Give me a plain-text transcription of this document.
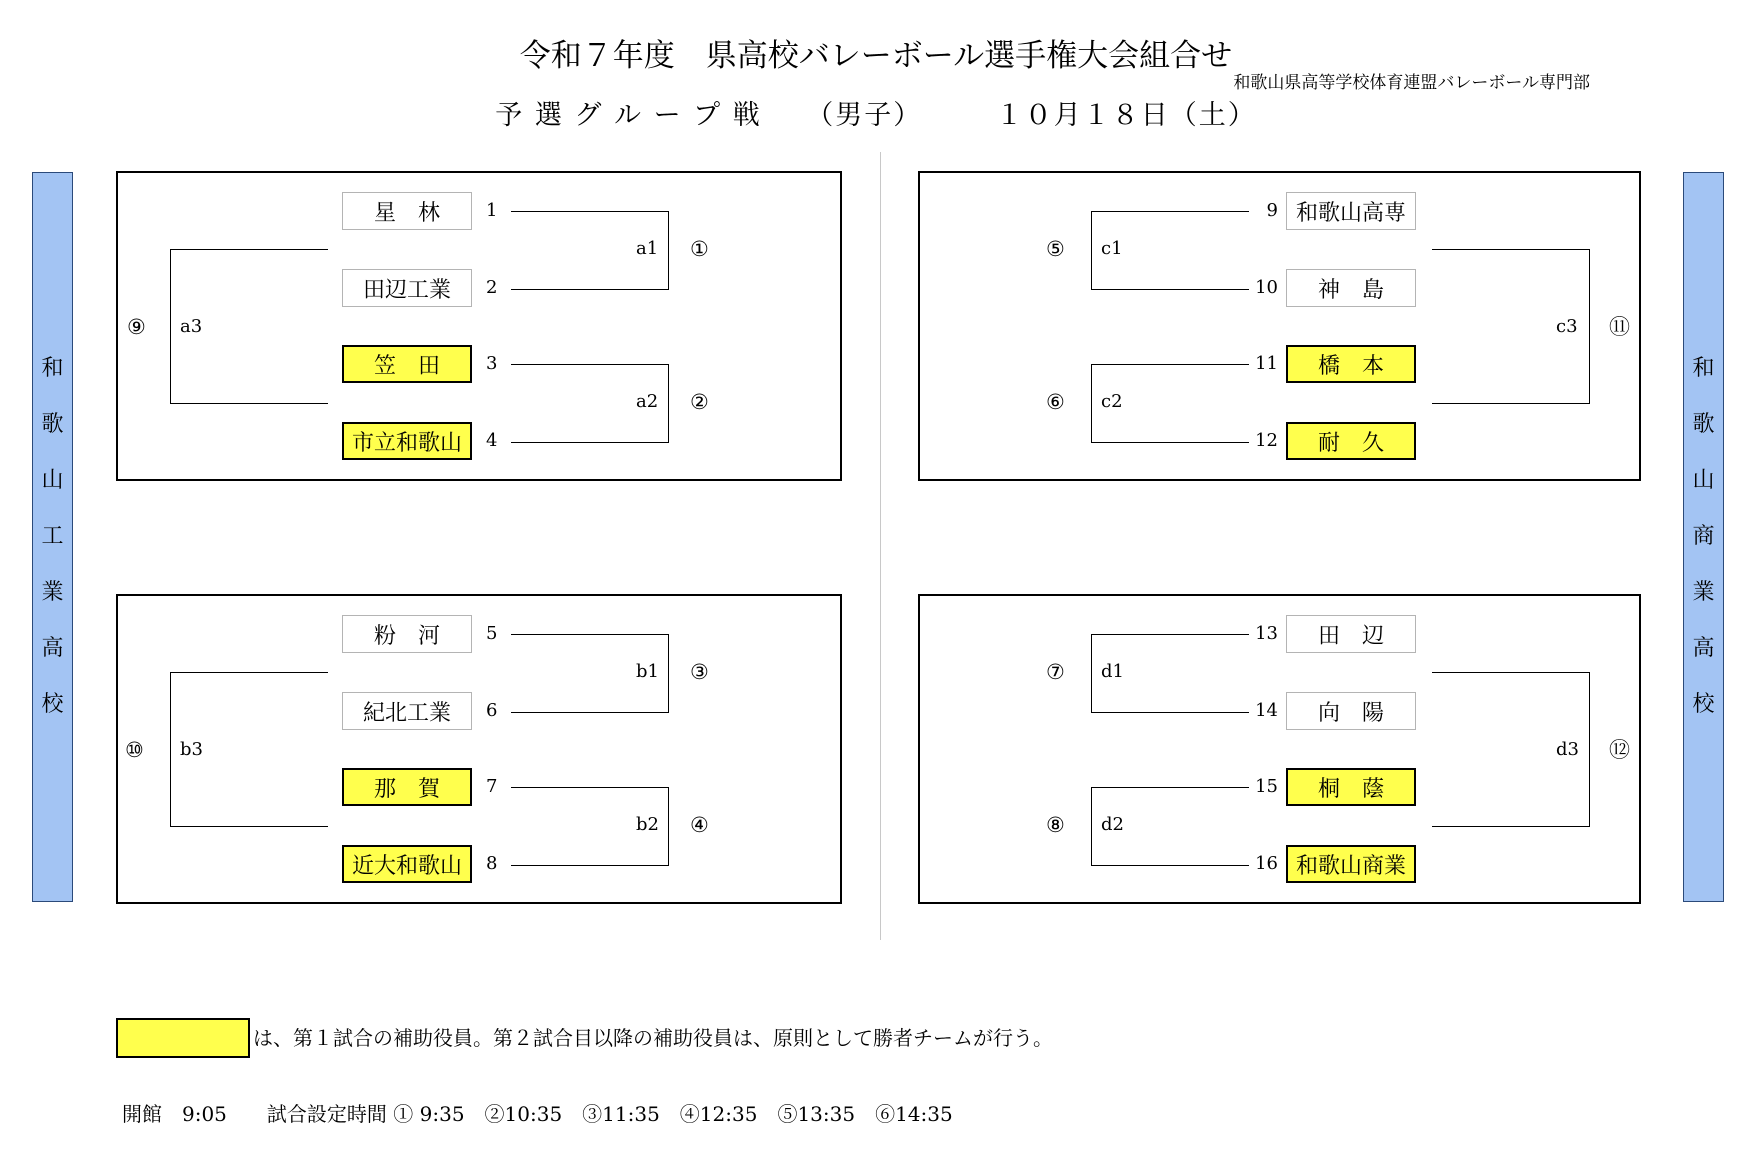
令和７年度　県高校バレーボール選手権大会組合せ
和歌山県高等学校体育連盟バレーボール専門部
予 選 グ ル ー プ 戦　　（男子）　　　１０月１８日（土）
和
歌
山
工
業
高
校
和
歌
山
商
業
高
校
星　林
田辺工業
笠　田
市立和歌山
1
2
3
4
a1 ①
a2 ②
a3
⑨
粉　河
紀北工業
那　賀
近大和歌山
5
6
7
8
b1 ③
b2 ④
b3
⑩
和歌山高専
神　島
橋　本
耐　久
9
10
11
12
c1
⑤
c2
⑥
c3 ⑪
田　辺
向　陽
桐　蔭
和歌山商業
13
14
15
16
d1
⑦
d2
⑧
d3 ⑫
は、第１試合の補助役員。第２試合目以降の補助役員は、原則として勝者チームが行う。
開館　9:05　　試合設定時間 ① 9:35　②10:35　③11:35　④12:35　⑤13:35　⑥14:35
